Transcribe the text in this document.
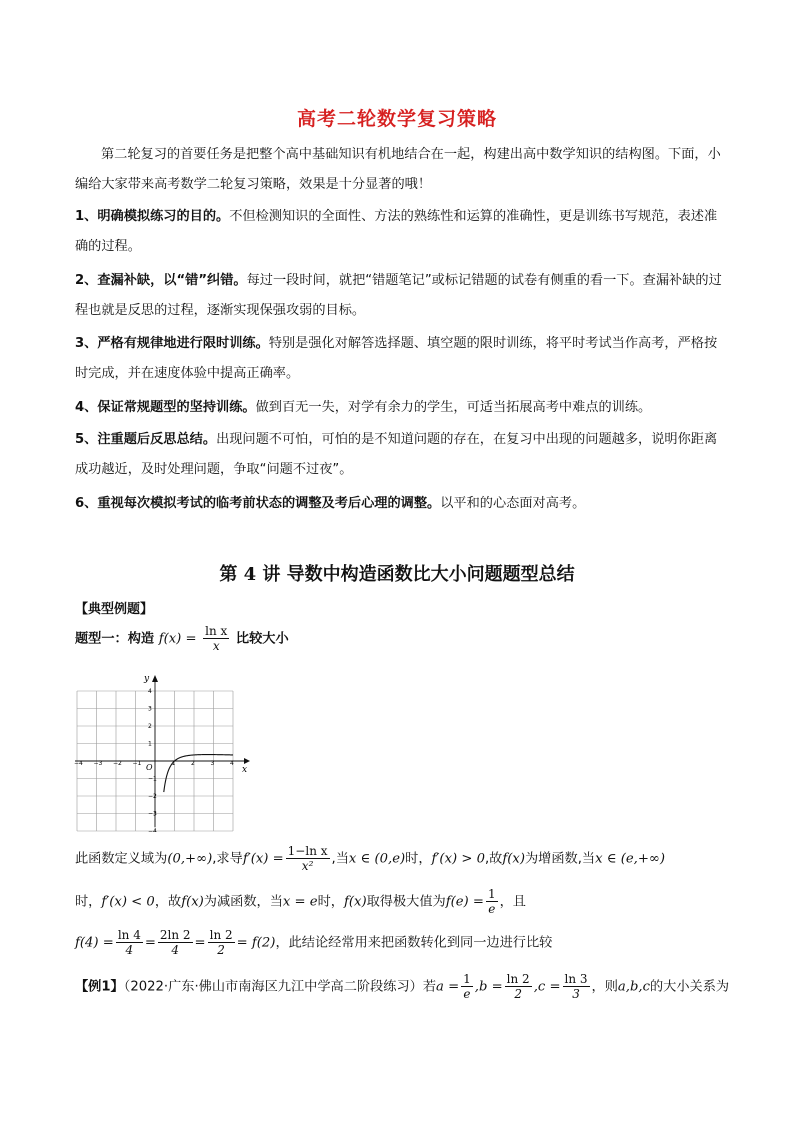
高考二轮数学复习策略
第二轮复习的首要任务是把整个高中基础知识有机地结合在一起，构建出高中数学知识的结构图。下面，小编给大家带来高考数学二轮复习策略，效果是十分显著的哦！
1、明确模拟练习的目的。不但检测知识的全面性、方法的熟练性和运算的准确性，更是训练书写规范，表述准确的过程。
2、查漏补缺，以“错”纠错。每过一段时间，就把“错题笔记”或标记错题的试卷有侧重的看一下。查漏补缺的过程也就是反思的过程，逐渐实现保强攻弱的目标。
3、严格有规律地进行限时训练。特别是强化对解答选择题、填空题的限时训练，将平时考试当作高考，严格按时完成，并在速度体验中提高正确率。
4、保证常规题型的坚持训练。做到百无一失，对学有余力的学生，可适当拓展高考中难点的训练。
5、注重题后反思总结。出现问题不可怕，可怕的是不知道问题的存在，在复习中出现的问题越多，说明你距离成功越近，及时处理问题，争取“问题不过夜”。
6、重视每次模拟考试的临考前状态的调整及考后心理的调整。以平和的心态面对高考。
第 4 讲 导数中构造函数比大小问题题型总结
【典型例题】
题型一：构造 $f(x) = \frac{\text{ln x}}{x}$ 比较大小
x
y
O
−4 −3 −2 −1	1	2	3	4
4
3
2
1
−1
−2
−3
−4
此函数定义域为(0,+∞),求导$f'(x) = \frac{\text{1−ln x}}{\text{x²}}$ ,当x ∈ (0,e)时，f′(x) > 0,故f(x)为增函数,当x ∈ (e,+∞)
时，f′(x) < 0，故f(x)为减函数，当x = e时，f(x)取得极大值为$f(e) = \frac{1}{e}$ ，且
$f(4) = \frac{\ln 4}{4} = \frac{2\ln 2}{4} = \frac{\ln 2}{2} = f(2)$，此结论经常用来把函数转化到同一边进行比较
【例1】（2022·广东·佛山市南海区九江中学高二阶段练习）若$a = \frac{1}{e} ,b = \frac{\ln 2}{2} ,c = \frac{\ln 3}{3}$ ，则a,b,c的大小关系为
